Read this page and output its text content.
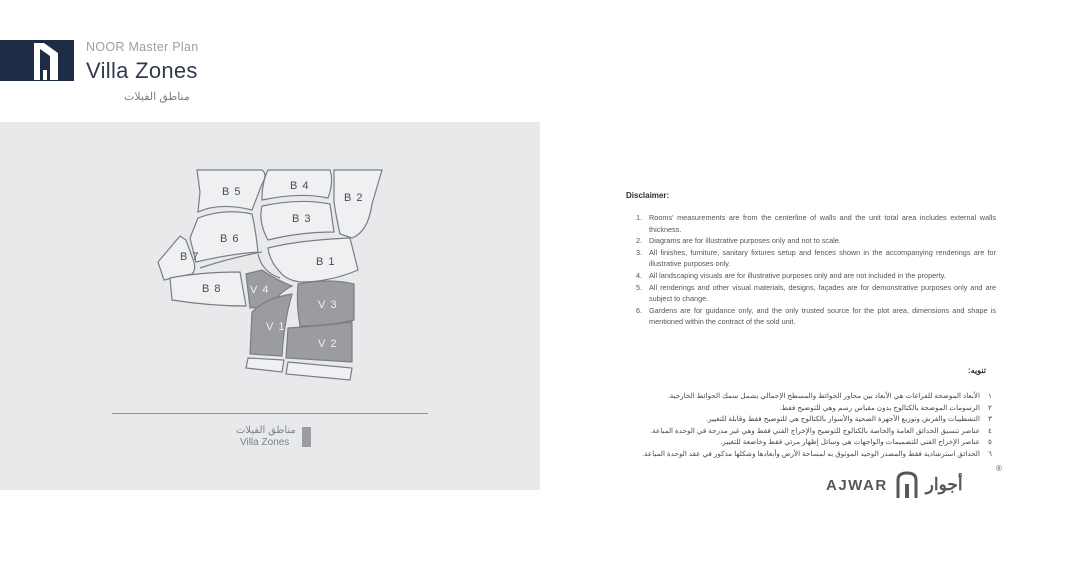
NOOR Master Plan
Villa Zones
مناطق الفيلات
B 5	B 4
B 2
B 3
B 6
B 7	B 1
B 8	V 4
V 3
V 1
V 2
مناطق الفيلات
Villa Zones
Disclaimer:
1. Rooms' measurements are from the centerline of walls and the unit total area includes external walls thickness.
2. Diagrams are for illustrative purposes only and not to scale.
3. All finishes, furniture, sanitary fixtures setup and fences shown in the accompanying renderings are for illustrative purposes only.
4. All landscaping visuals are for illustrative purposes only and are not included in the property.
5. All renderings and other visual materials, designs, façades are for demonstrative purposes only and are subject to change.
6. Gardens are for guidance only, and the only trusted source for the plot area, dimensions and shape is mentioned within the contract of the sold unit.
تنويه:
١
الأبعاد الموضحة للفراغات هي الأبعاد بين محاور الحوائط والمسطح الإجمالي يشمل سمك الحوائط الخارجية.
٢
الرسومات الموضحة بالكتالوج بدون مقياس رسم وهي للتوضيح فقط.
٣
التشطيبات والفرش وتوزيع الأجهزة الصحية والأسوار بالكتالوج هي للتوضيح فقط وقابلة للتغيير.
٤
عناصر تنسيق الحدائق العامة والخاصة بالكتالوج للتوضيح والإخراج الفني فقط وهي غير مدرجة في الوحدة المباعة.
٥
عناصر الإخراج الفني للتصميمات والواجهات هي وسائل إظهار مرئي فقط وخاضعة للتغيير.
٦
الحدائق استرشادية فقط والمصدر الوحيد الموثوق به لمساحة الأرض وأبعادها وشكلها مذكور في عقد الوحدة المباعة.
AJWAR أجوار
®
